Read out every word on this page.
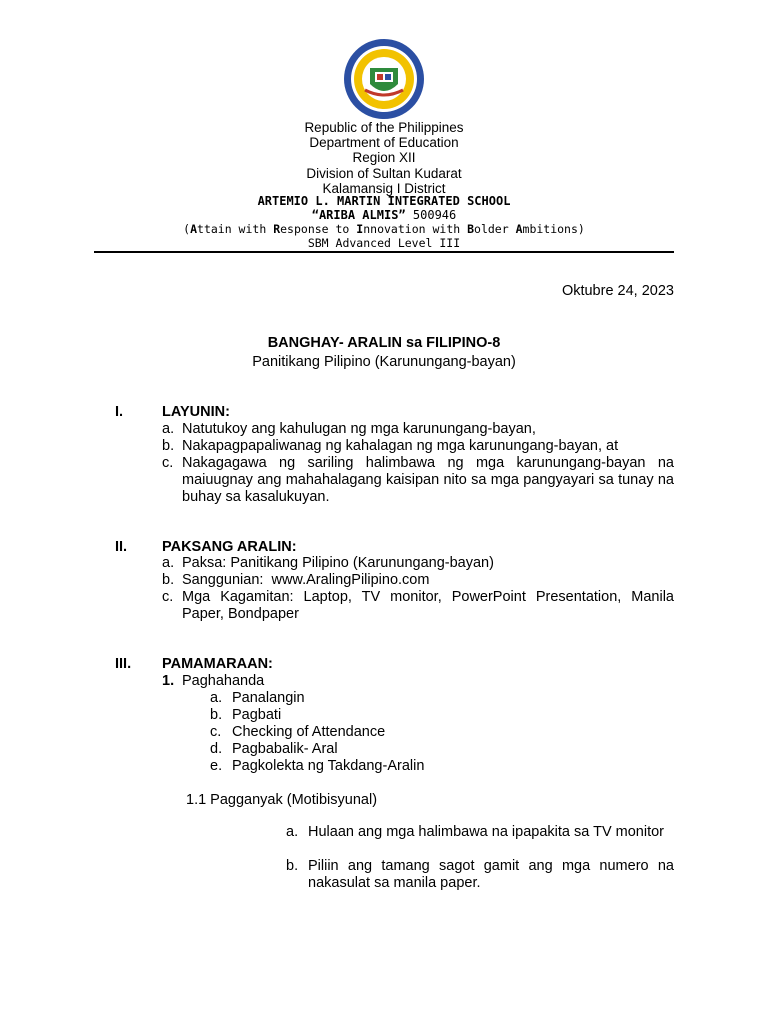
Republic of the Philippines
Department of Education
Region XII
Division of Sultan Kudarat
Kalamansig I District
ARTEMIO L. MARTIN INTEGRATED SCHOOL
“ARIBA ALMIS” 500946
(Attain with Response to Innovation with Bolder Ambitions)
SBM Advanced Level III
Oktubre 24, 2023
BANGHAY- ARALIN sa FILIPINO-8
Panitikang Pilipino (Karunungang-bayan)
I.	LAYUNIN:
a. Natutukoy ang kahulugan ng mga karunungang-bayan,
b. Nakapagpapaliwanag ng kahalagan ng mga karunungang-bayan, at
c. Nakagagawa ng sariling halimbawa ng mga karunungang-bayan na maiuugnay ang mahahalagang kaisipan nito sa mga pangyayari sa tunay na buhay sa kasalukuyan.
II. PAKSANG ARALIN:
a. Paksa: Panitikang Pilipino (Karunungang-bayan)
b. Sanggunian:  www.AralingPilipino.com
c. Mga Kagamitan: Laptop, TV monitor, PowerPoint Presentation, Manila Paper, Bondpaper
III. PAMAMARAAN:
1. Paghahanda
a. Panalangin
b. Pagbati
c. Checking of Attendance
d. Pagbabalik- Aral
e. Pagkolekta ng Takdang-Aralin
1.1 Pagganyak (Motibisyunal)
a. Hulaan ang mga halimbawa na ipapakita sa TV monitor
b. Piliin ang tamang sagot gamit ang mga numero na nakasulat sa manila paper.
